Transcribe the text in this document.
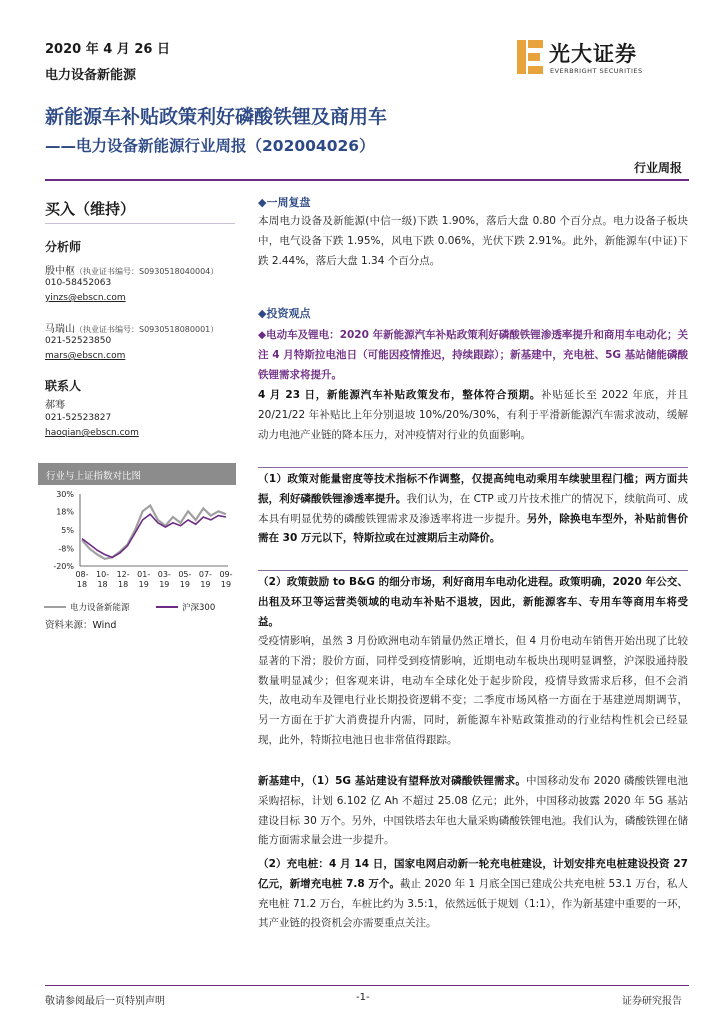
2020 年 4 月 26 日
电力设备新能源
光大证券
EVERBRIGHT SECURITIES
新能源车补贴政策利好磷酸铁锂及商用车
——电力设备新能源行业周报（202004026）
行业周报
买入（维持）
分析师
殷中枢（执业证书编号：S0930518040004）
010-58452063
yinzs@ebscn.com
马瑞山（执业证书编号：S0930518080001）
021-52523850
mars@ebscn.com
联系人
郝骞
021-52523827
haoqian@ebscn.com
行业与上证指数对比图
30%
18%
5%
-8%
-20%
08-
18
10-
18
12-
18
01-
19
03-
19
05-
19
07-
19
09-
19
电力设备新能源	沪深300
资料来源：Wind
◆一周复盘
本周电力设备及新能源(中信一级)下跌 1.90%，落后大盘 0.80 个百分点。电力设备子板块中，电气设备下跌 1.95%，风电下跌 0.06%，光伏下跌 2.91%。此外，新能源车(中证)下跌 2.44%，落后大盘 1.34 个百分点。
◆投资观点
◆电动车及锂电：2020 年新能源汽车补贴政策利好磷酸铁锂渗透率提升和商用车电动化；关注 4 月特斯拉电池日（可能因疫情推迟，持续跟踪）；新基建中，充电桩、5G 基站储能磷酸铁锂需求将提升。
4 月 23 日，新能源汽车补贴政策发布，整体符合预期。补贴延长至 2022 年底，并且 20/21/22 年补贴比上年分别退坡 10%/20%/30%，有利于平滑新能源汽车需求波动，缓解动力电池产业链的降本压力，对冲疫情对行业的负面影响。
（1）政策对能量密度等技术指标不作调整，仅提高纯电动乘用车续驶里程门槛；两方面共振，利好磷酸铁锂渗透率提升。我们认为，在 CTP 或刀片技术推广的情况下，续航尚可、成本具有明显优势的磷酸铁锂需求及渗透率将进一步提升。另外，除换电车型外，补贴前售价需在 30 万元以下，特斯拉或在过渡期后主动降价。
（2）政策鼓励 to B&G 的细分市场，利好商用车电动化进程。政策明确，2020 年公交、出租及环卫等运营类领域的电动车补贴不退坡，因此，新能源客车、专用车等商用车将受益。
受疫情影响，虽然 3 月份欧洲电动车销量仍然正增长，但 4 月份电动车销售开始出现了比较显著的下滑；股价方面，同样受到疫情影响，近期电动车板块出现明显调整，沪深股通持股数量明显减少；但客观来讲，电动车全球化处于起步阶段，疫情导致需求后移，但不会消失，故电动车及锂电行业长期投资逻辑不变；二季度市场风格一方面在于基建逆周期调节，另一方面在于扩大消费提升内需，同时，新能源车补贴政策推动的行业结构性机会已经显现，此外，特斯拉电池日也非常值得跟踪。
新基建中，（1）5G 基站建设有望释放对磷酸铁锂需求。中国移动发布 2020 磷酸铁锂电池采购招标，计划 6.102 亿 Ah 不超过 25.08 亿元；此外，中国移动披露 2020 年 5G 基站建设目标 30 万个。另外，中国铁塔去年也大量采购磷酸铁锂电池。我们认为，磷酸铁锂在储能方面需求量会进一步提升。
（2）充电桩：4 月 14 日，国家电网启动新一轮充电桩建设，计划安排充电桩建设投资 27 亿元，新增充电桩 7.8 万个。截止 2020 年 1 月底全国已建成公共充电桩 53.1 万台，私人充电桩 71.2 万台，车桩比约为 3.5:1，依然远低于规划（1:1），作为新基建中重要的一环，其产业链的投资机会亦需要重点关注。
敬请参阅最后一页特别声明	-1-	证券研究报告
